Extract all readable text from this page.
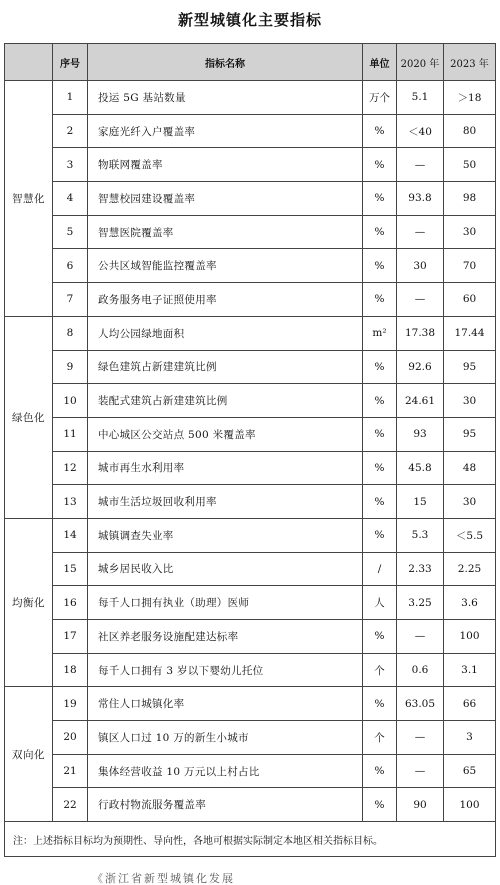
新型城镇化主要指标
	序号	指标名称	单位	2020 年	2023 年
智慧化	1	投运 5G 基站数量	万个	5.1	＞18
	2	家庭光纤入户覆盖率	%	＜40	80
	3	物联网覆盖率	%	—	50
	4	智慧校园建设覆盖率	%	93.8	98
	5	智慧医院覆盖率	%	—	30
	6	公共区域智能监控覆盖率	%	30	70
	7	政务服务电子证照使用率	%	—	60
绿色化	8	人均公园绿地面积	m²	17.38	17.44
	9	绿色建筑占新建建筑比例	%	92.6	95
	10	装配式建筑占新建建筑比例	%	24.61	30
	11	中心城区公交站点 500 米覆盖率	%	93	95
	12	城市再生水利用率	%	45.8	48
	13	城市生活垃圾回收利用率	%	15	30
均衡化	14	城镇调查失业率	%	5.3	＜5.5
	15	城乡居民收入比	/	2.33	2.25
	16	每千人口拥有执业（助理）医师	人	3.25	3.6
	17	社区养老服务设施配建达标率	%	—	100
	18	每千人口拥有 3 岁以下婴幼儿托位	个	0.6	3.1
双向化	19	常住人口城镇化率	%	63.05	66
	20	镇区人口过 10 万的新生小城市	个	—	3
	21	集体经营收益 10 万元以上村占比	%	—	65
	22	行政村物流服务覆盖率	%	90	100
注：上述指标目标均为预期性、导向性，各地可根据实际制定本地区相关指标目标。					
《浙江省新型城镇化发展
